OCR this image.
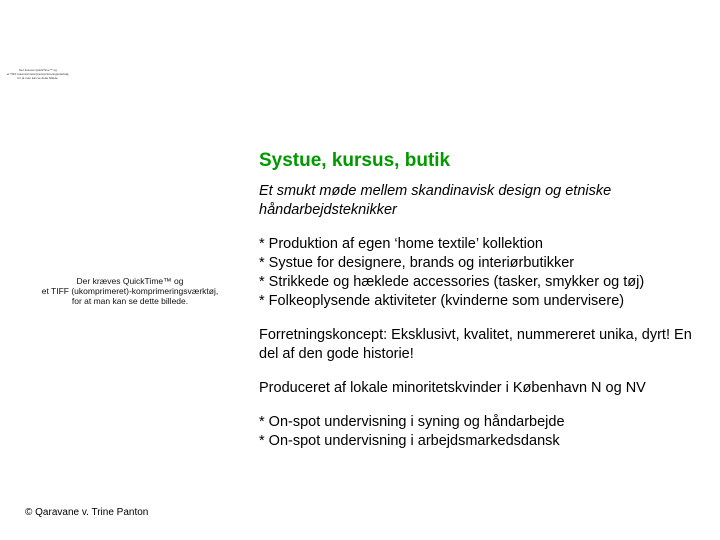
Der kræves QuickTime™ og
et TIFF (ukomprimeret)-komprimeringsværktøj,
for at man kan se dette billede.
Der kræves QuickTime™ og
et TIFF (ukomprimeret)-komprimeringsværktøj,
for at man kan se dette billede.
Systue, kursus, butik
Et smukt møde mellem skandinavisk design og etniske håndarbejdsteknikker
* Produktion af egen ‘home textile’ kollektion
* Systue for designere, brands og interiørbutikker
* Strikkede og hæklede accessories (tasker, smykker og tøj)
* Folkeoplysende aktiviteter (kvinderne som undervisere)
Forretningskoncept: Eksklusivt, kvalitet, nummereret unika, dyrt! En del af den gode historie!
Produceret af lokale minoritetskvinder i København N og NV
* On-spot undervisning i syning og håndarbejde
* On-spot undervisning i arbejdsmarkedsdansk
© Qaravane v. Trine Panton
